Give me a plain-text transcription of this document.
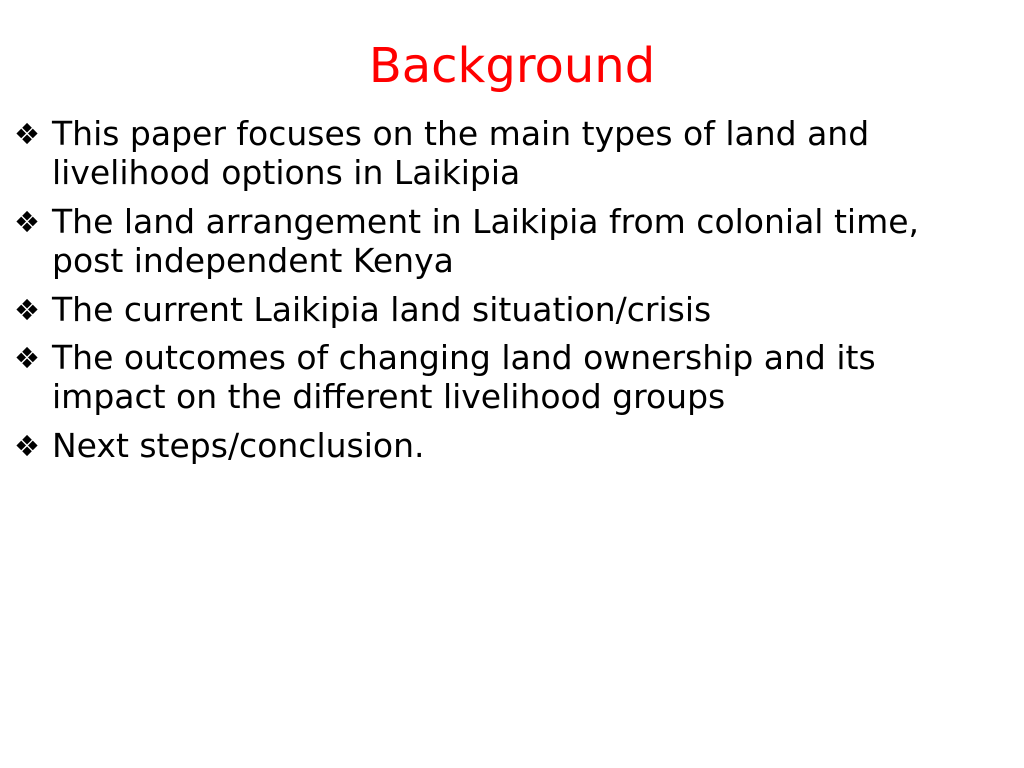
Background
❖ This paper focuses on the main types of land and livelihood options in Laikipia
❖ The land arrangement in Laikipia from colonial time, post independent Kenya
❖ The current Laikipia land situation/crisis
❖ The outcomes of changing land ownership and its impact on the different livelihood groups
❖ Next steps/conclusion.
